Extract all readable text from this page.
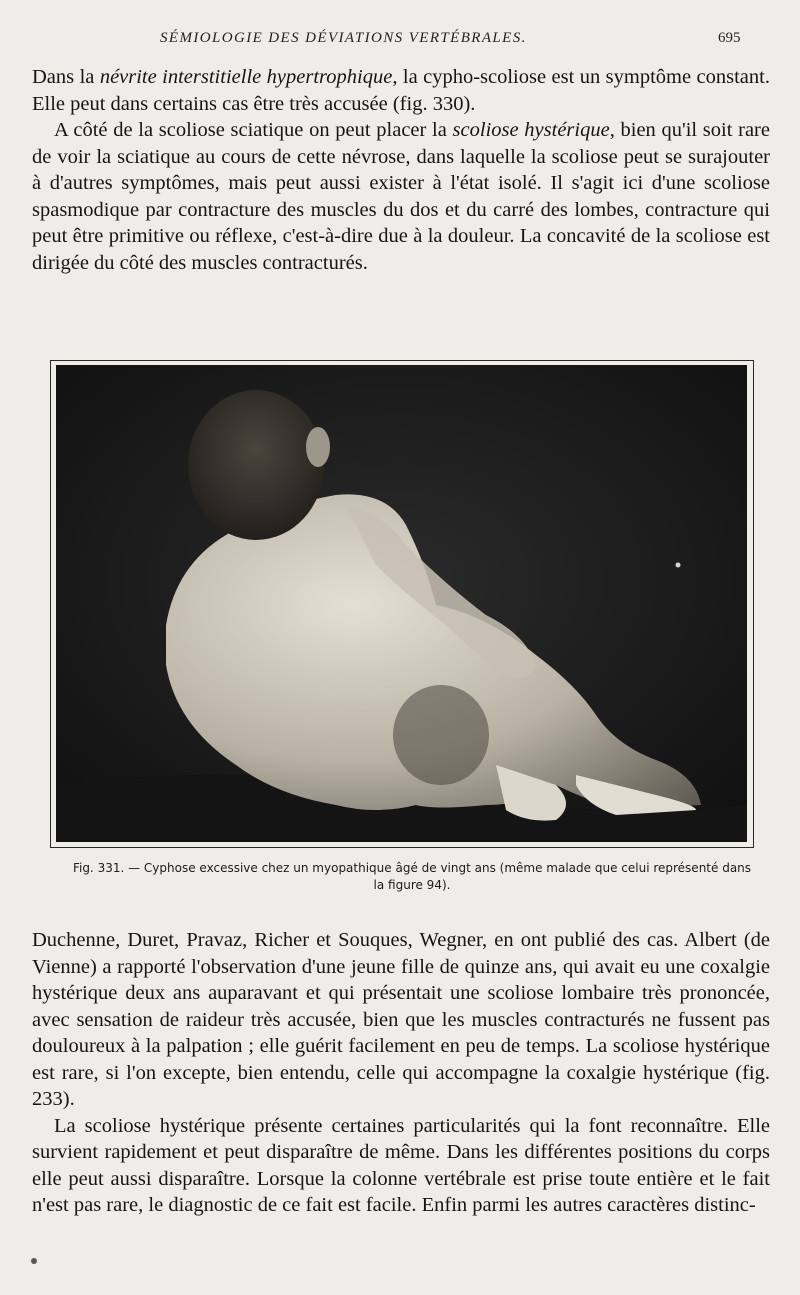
SÉMIOLOGIE DES DÉVIATIONS VERTÉBRALES.	695

Dans la névrite interstitielle hypertrophique, la cypho-scoliose est un symptôme constant. Elle peut dans certains cas être très accusée (fig. 330).

A côté de la scoliose sciatique on peut placer la scoliose hystérique, bien qu'il soit rare de voir la sciatique au cours de cette névrose, dans laquelle la scoliose peut se surajouter à d'autres symptômes, mais peut aussi exister à l'état isolé. Il s'agit ici d'une scoliose spasmodique par contracture des muscles du dos et du carré des lombes, contracture qui peut être primitive ou réflexe, c'est-à-dire due à la douleur. La concavité de la scoliose est dirigée du côté des muscles contracturés.

Fig. 331. — Cyphose excessive chez un myopathique âgé de vingt ans (même malade que celui représenté dans la figure 94).

Duchenne, Duret, Pravaz, Richer et Souques, Wegner, en ont publié des cas. Albert (de Vienne) a rapporté l'observation d'une jeune fille de quinze ans, qui avait eu une coxalgie hystérique deux ans auparavant et qui présentait une scoliose lombaire très prononcée, avec sensation de raideur très accusée, bien que les muscles contracturés ne fussent pas douloureux à la palpation ; elle guérit facilement en peu de temps. La scoliose hystérique est rare, si l'on excepte, bien entendu, celle qui accompagne la coxalgie hystérique (fig. 233).

La scoliose hystérique présente certaines particularités qui la font reconnaître. Elle survient rapidement et peut disparaître de même. Dans les différentes positions du corps elle peut aussi disparaître. Lorsque la colonne vertébrale est prise toute entière et le fait n'est pas rare, le diagnostic de ce fait est facile. Enfin parmi les autres caractères distinc-
